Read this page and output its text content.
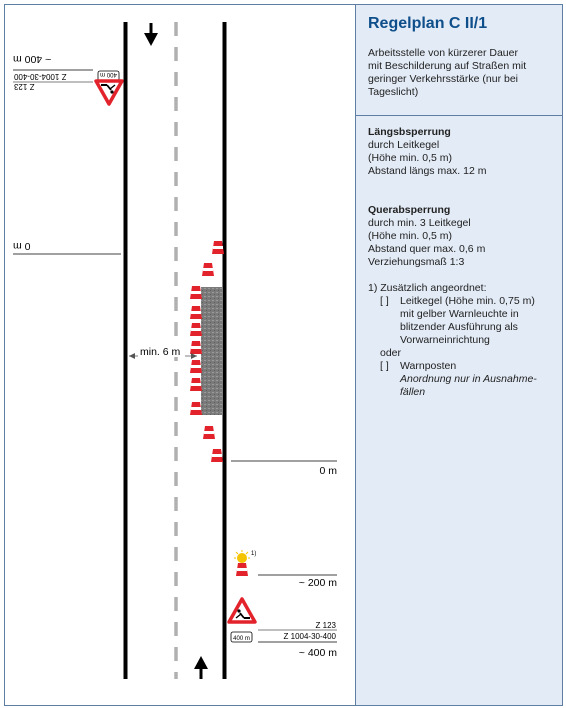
1)
min. 6 m
0 m
~ 200 m
400 m
Z 123
Z 1004-30-400
~ 400 m
0 m
~ 400 m
Z 1004-30-400
Z 123
400 m
Regelplan C II/1
Arbeitsstelle von kürzerer Dauer
mit Beschilderung auf Straßen mit
geringer Verkehrsstärke (nur bei
Tageslicht)
Längsbsperrung
durch Leitkegel
(Höhe min. 0,5 m)
Abstand längs max. 12 m
Querabsperrung
durch min. 3 Leitkegel
(Höhe min. 0,5 m)
Abstand quer max. 0,6 m
Verziehungsmaß 1:3
1) Zusätzlich angeordnet:
[ ]	Leitkegel (Höhe min. 0,75 m)
mit gelber Warnleuchte in
blitzender Ausführung als
Vorwarneinrichtung
oder
[ ]	Warnposten
Anordnung nur in Ausnahme-
fällen
